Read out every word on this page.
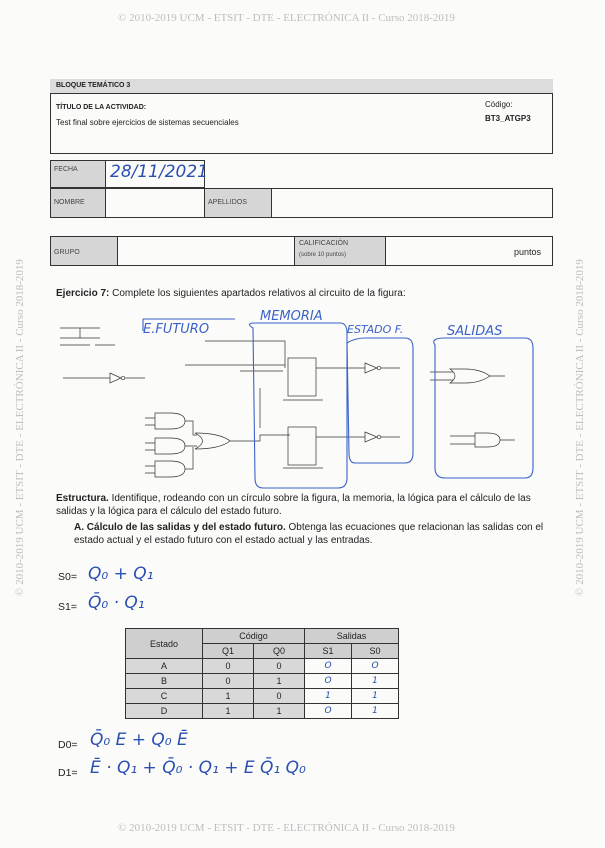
© 2010-2019 UCM - ETSIT - DTE - ELECTRÓNICA II - Curso 2018-2019
© 2010-2019 UCM - ETSIT - DTE - ELECTRÓNICA II - Curso 2018-2019
© 2010-2019 UCM - ETSIT - DTE - ELECTRÓNICA II - Curso 2018-2019	© 2010-2019 UCM - ETSIT - DTE - ELECTRÓNICA II - Curso 2018-2019
BLOQUE TEMÁTICO 3
TÍTULO DE LA ACTIVIDAD:
Test final sobre ejercicios de sistemas secuenciales
Código:
BT3_ATGP3
FECHA 28/11/2021
NOMBRE	APELLIDOS
GRUPO
CALIFICACIÓN
(sobre 10 puntos)	puntos
Ejercicio 7: Complete los siguientes apartados relativos al circuito de la figura:
E.FUTURO
MEMORIA
ESTADO F.	SALIDAS
Estructura. Identifique, rodeando con un círculo sobre la figura, la memoria, la lógica para el cálculo de las salidas y la lógica para el cálculo del estado futuro.
A. Cálculo de las salidas y del estado futuro. Obtenga las ecuaciones que relacionan las salidas con el estado actual y el estado futuro con el estado actual y las entradas.
S0= Q₀ + Q₁
S1= Q̄₀ · Q₁
Estado	Código		Salidas	
	Q1	Q0	S1	S0
A	0	0	O	O
B	0	1	O	1
C	1	0	1	1
D	1	1	O	1
D0= Q̄₀ E + Q₀ Ē
D1= Ē · Q₁ + Q̄₀ · Q₁ + E Q̄₁ Q₀
